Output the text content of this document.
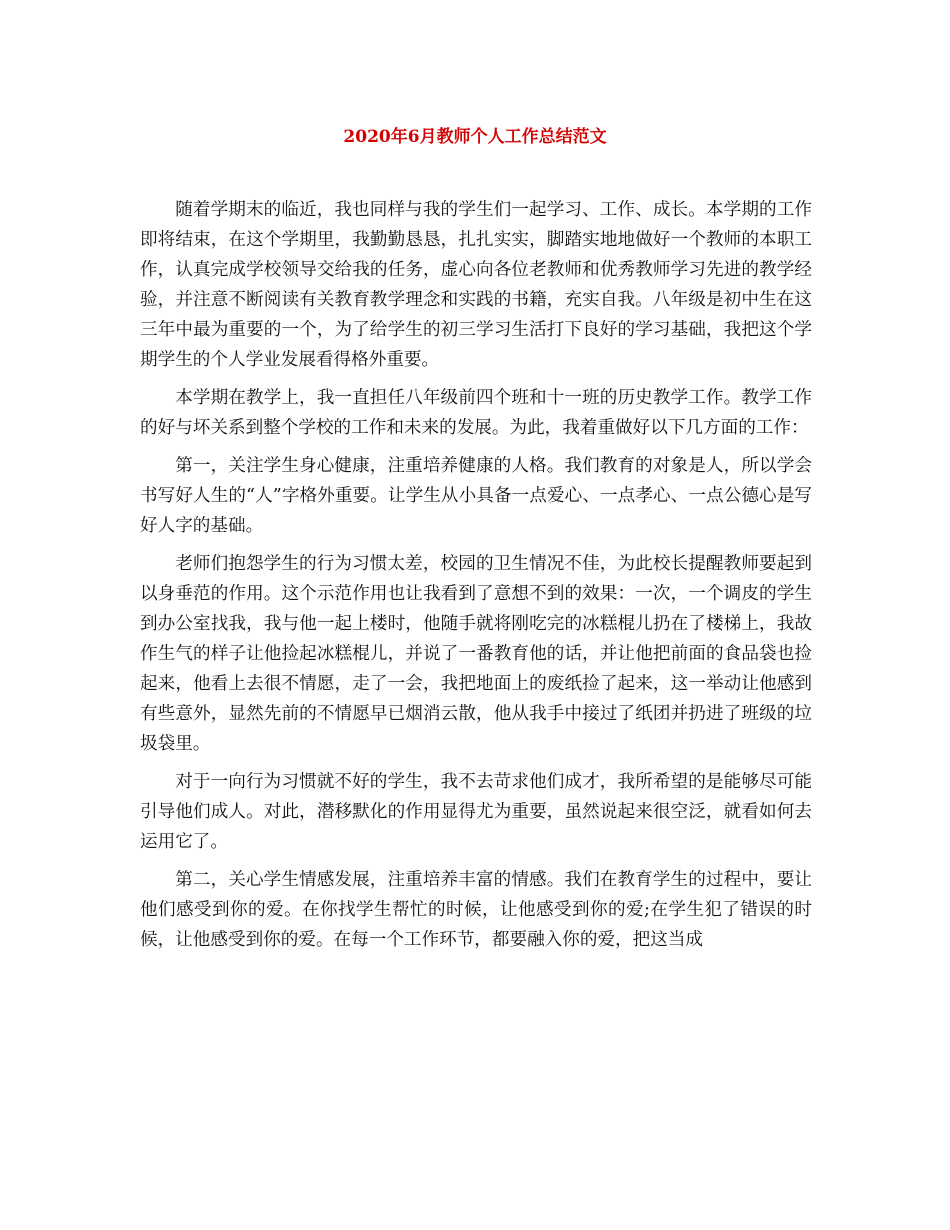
2020年6月教师个人工作总结范文

随着学期末的临近，我也同样与我的学生们一起学习、工作、成长。本学期的工作即将结束，在这个学期里，我勤勤恳恳，扎扎实实，脚踏实地地做好一个教师的本职工作，认真完成学校领导交给我的任务，虚心向各位老教师和优秀教师学习先进的教学经验，并注意不断阅读有关教育教学理念和实践的书籍，充实自我。八年级是初中生在这三年中最为重要的一个，为了给学生的初三学习生活打下良好的学习基础，我把这个学期学生的个人学业发展看得格外重要。

本学期在教学上，我一直担任八年级前四个班和十一班的历史教学工作。教学工作的好与坏关系到整个学校的工作和未来的发展。为此，我着重做好以下几方面的工作：

第一，关注学生身心健康，注重培养健康的人格。我们教育的对象是人，所以学会书写好人生的“人”字格外重要。让学生从小具备一点爱心、一点孝心、一点公德心是写好人字的基础。

老师们抱怨学生的行为习惯太差，校园的卫生情况不佳，为此校长提醒教师要起到以身垂范的作用。这个示范作用也让我看到了意想不到的效果：一次，一个调皮的学生到办公室找我，我与他一起上楼时，他随手就将刚吃完的冰糕棍儿扔在了楼梯上，我故作生气的样子让他捡起冰糕棍儿，并说了一番教育他的话，并让他把前面的食品袋也捡起来，他看上去很不情愿，走了一会，我把地面上的废纸捡了起来，这一举动让他感到有些意外，显然先前的不情愿早已烟消云散，他从我手中接过了纸团并扔进了班级的垃圾袋里。

对于一向行为习惯就不好的学生，我不去苛求他们成才，我所希望的是能够尽可能引导他们成人。对此，潜移默化的作用显得尤为重要，虽然说起来很空泛，就看如何去运用它了。

第二，关心学生情感发展，注重培养丰富的情感。我们在教育学生的过程中，要让他们感受到你的爱。在你找学生帮忙的时候，让他感受到你的爱;在学生犯了错误的时候，让他感受到你的爱。在每一个工作环节，都要融入你的爱，把这当成
